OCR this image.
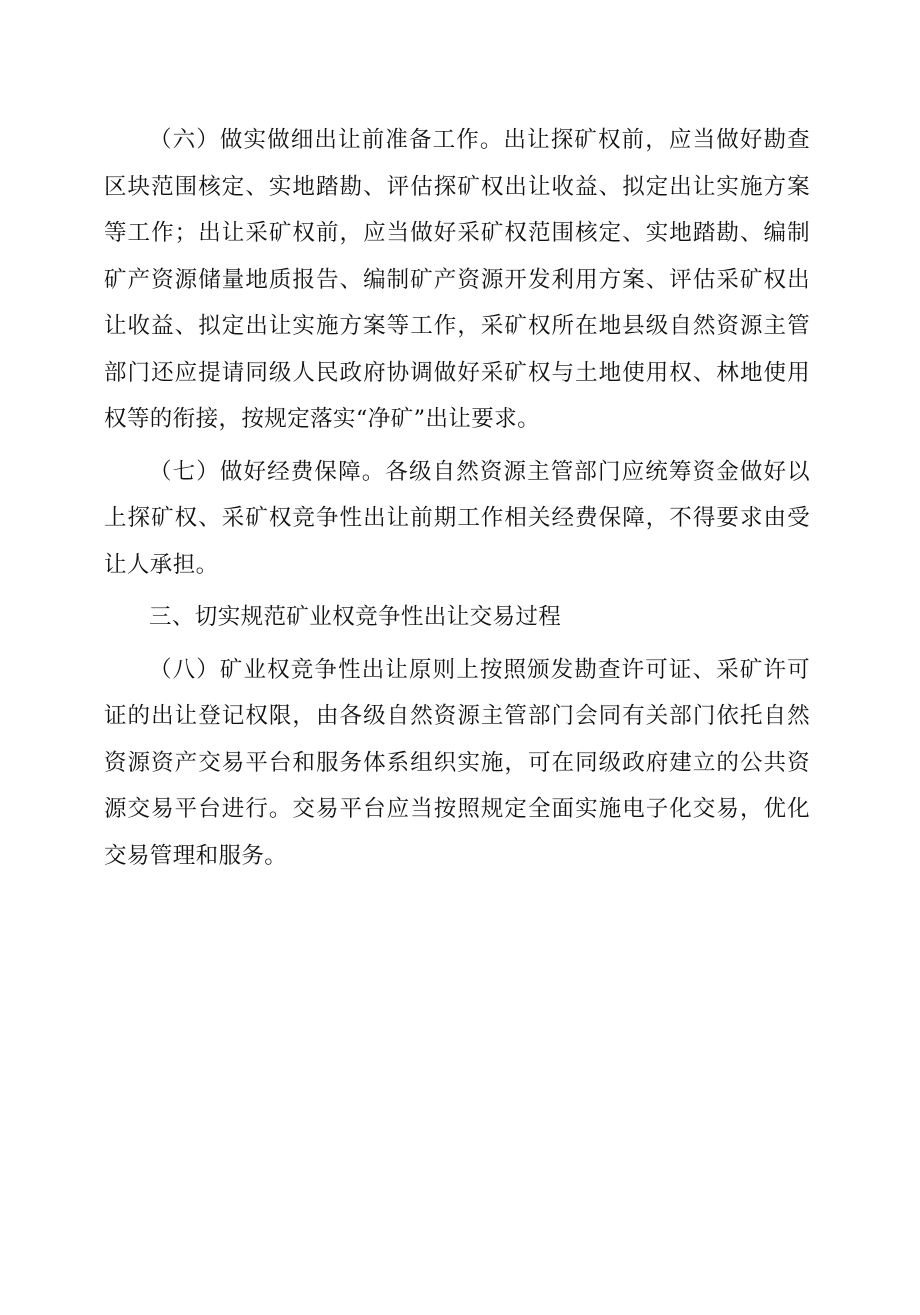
（六）做实做细出让前准备工作。出让探矿权前，应当做好勘查区块范围核定、实地踏勘、评估探矿权出让收益、拟定出让实施方案等工作；出让采矿权前，应当做好采矿权范围核定、实地踏勘、编制矿产资源储量地质报告、编制矿产资源开发利用方案、评估采矿权出让收益、拟定出让实施方案等工作，采矿权所在地县级自然资源主管部门还应提请同级人民政府协调做好采矿权与土地使用权、林地使用权等的衔接，按规定落实“净矿”出让要求。

（七）做好经费保障。各级自然资源主管部门应统筹资金做好以上探矿权、采矿权竞争性出让前期工作相关经费保障，不得要求由受让人承担。

三、切实规范矿业权竞争性出让交易过程

（八）矿业权竞争性出让原则上按照颁发勘查许可证、采矿许可证的出让登记权限，由各级自然资源主管部门会同有关部门依托自然资源资产交易平台和服务体系组织实施，可在同级政府建立的公共资源交易平台进行。交易平台应当按照规定全面实施电子化交易，优化交易管理和服务。
